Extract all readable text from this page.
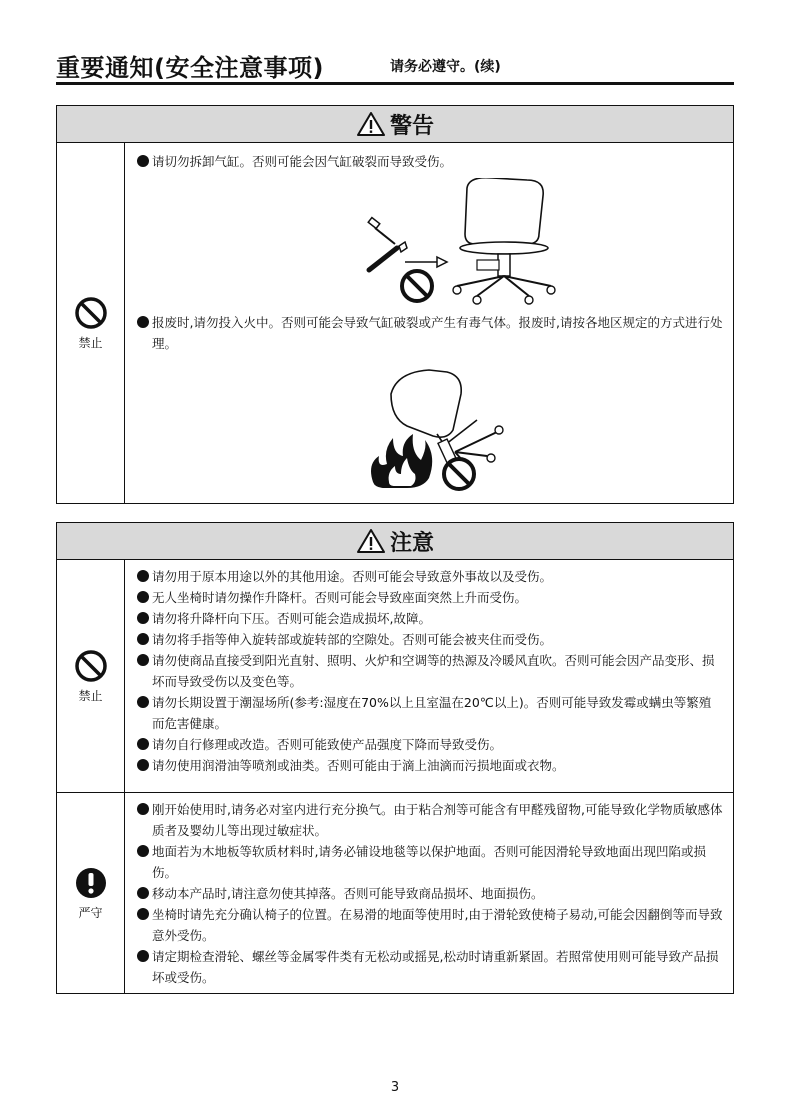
重要通知(安全注意事项)	请务必遵守。(续)
警告
禁止
请切勿拆卸气缸。否则可能会因气缸破裂而导致受伤。
报废时,请勿投入火中。否则可能会导致气缸破裂或产生有毒气体。报废时,请按各地区规定的方式进行处理。
注意
禁止
请勿用于原本用途以外的其他用途。否则可能会导致意外事故以及受伤。
无人坐椅时请勿操作升降杆。否则可能会导致座面突然上升而受伤。
请勿将升降杆向下压。否则可能会造成损坏,故障。
请勿将手指等伸入旋转部或旋转部的空隙处。否则可能会被夹住而受伤。
请勿使商品直接受到阳光直射、照明、火炉和空调等的热源及冷暖风直吹。否则可能会因产品变形、损坏而导致受伤以及变色等。
请勿长期设置于潮湿场所(参考:湿度在70%以上且室温在20℃以上)。否则可能导致发霉或螨虫等繁殖而危害健康。
请勿自行修理或改造。否则可能致使产品强度下降而导致受伤。
请勿使用润滑油等喷剂或油类。否则可能由于滴上油滴而污损地面或衣物。
严守
刚开始使用时,请务必对室内进行充分换气。由于粘合剂等可能含有甲醛残留物,可能导致化学物质敏感体质者及婴幼儿等出现过敏症状。
地面若为木地板等软质材料时,请务必铺设地毯等以保护地面。否则可能因滑轮导致地面出现凹陷或损伤。
移动本产品时,请注意勿使其掉落。否则可能导致商品损坏、地面损伤。
坐椅时请先充分确认椅子的位置。在易滑的地面等使用时,由于滑轮致使椅子易动,可能会因翻倒等而导致意外受伤。
请定期检查滑轮、螺丝等金属零件类有无松动或摇晃,松动时请重新紧固。若照常使用则可能导致产品损坏或受伤。
3
